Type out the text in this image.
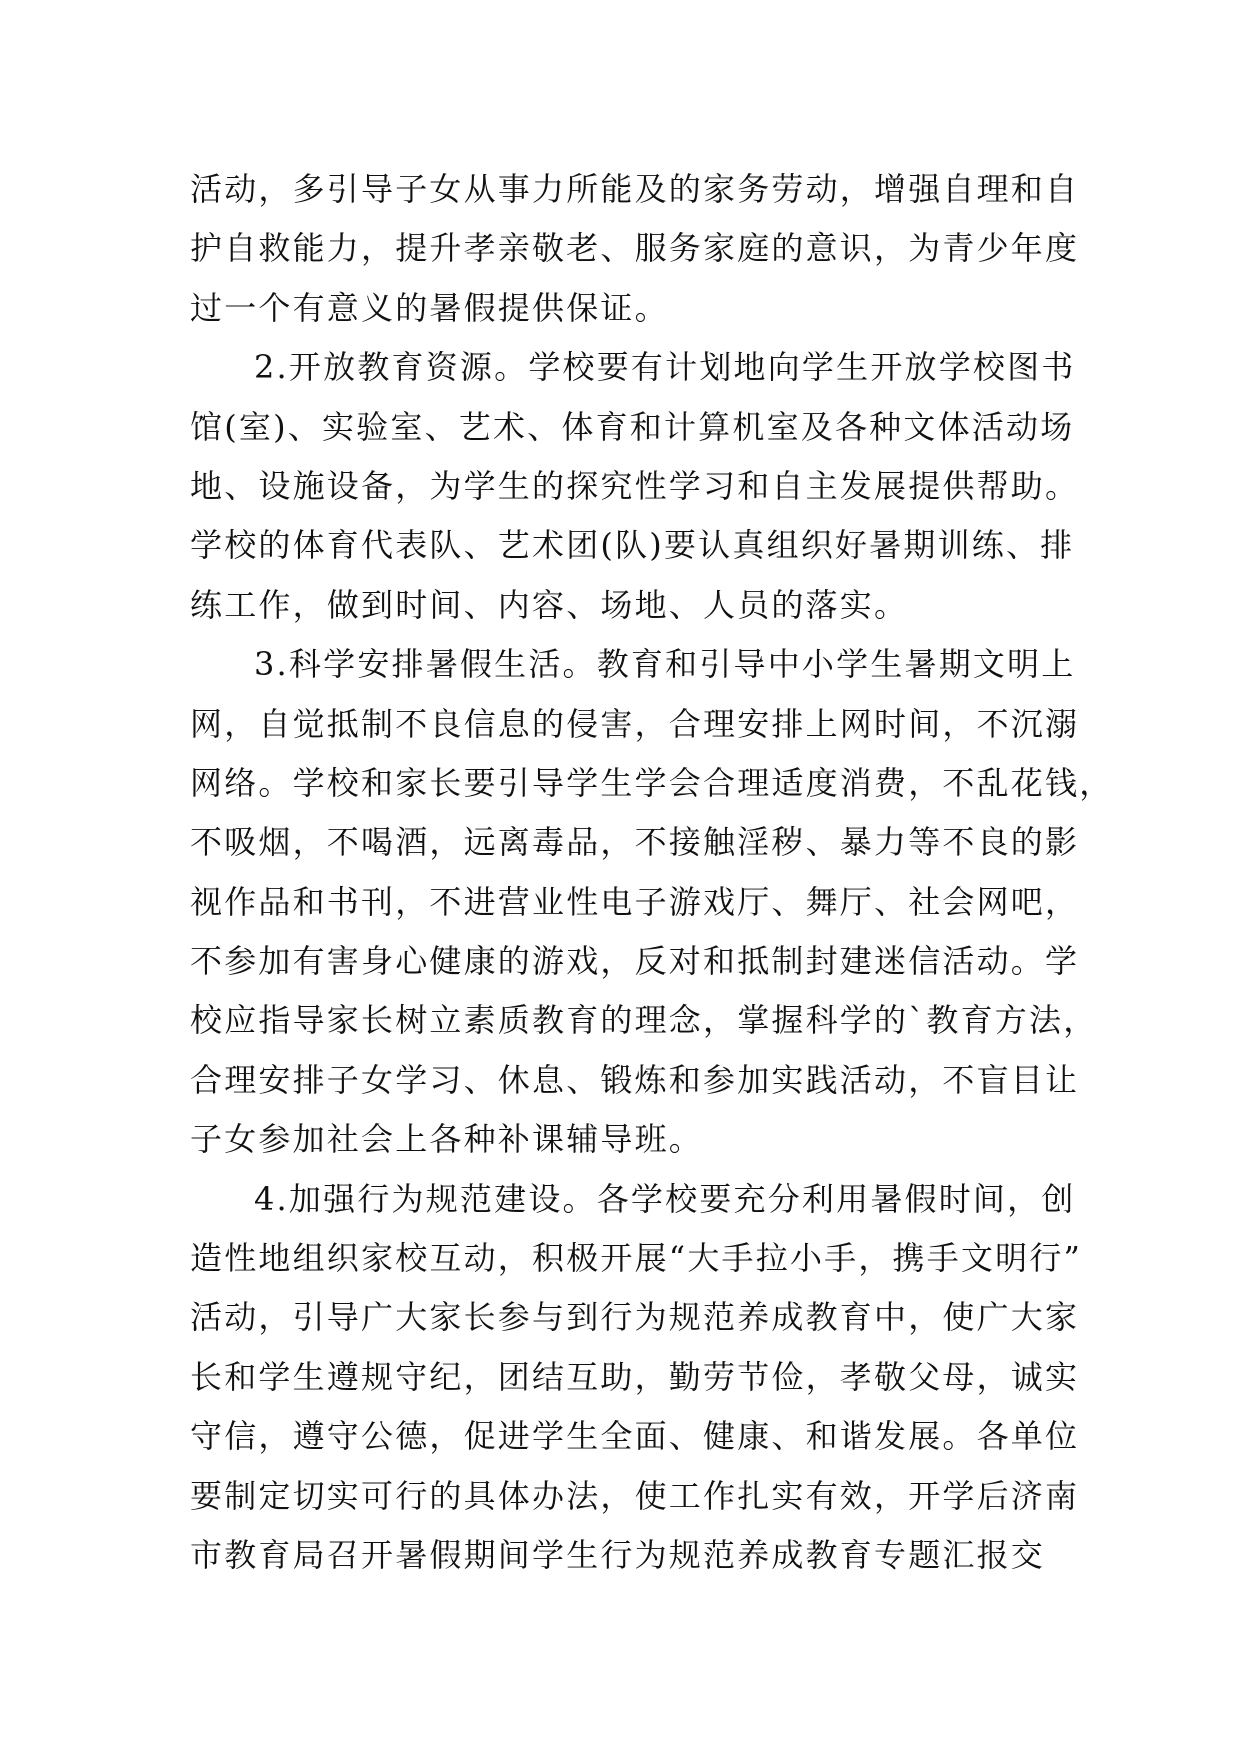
活动，多引导子女从事力所能及的家务劳动，增强自理和自
护自救能力，提升孝亲敬老、服务家庭的意识，为青少年度
过一个有意义的暑假提供保证。
2.开放教育资源。学校要有计划地向学生开放学校图书
馆(室)、实验室、艺术、体育和计算机室及各种文体活动场
地、设施设备，为学生的探究性学习和自主发展提供帮助。
学校的体育代表队、艺术团(队)要认真组织好暑期训练、排
练工作，做到时间、内容、场地、人员的落实。
3.科学安排暑假生活。教育和引导中小学生暑期文明上
网，自觉抵制不良信息的侵害，合理安排上网时间，不沉溺
网络。学校和家长要引导学生学会合理适度消费，不乱花钱，
不吸烟，不喝酒，远离毒品，不接触淫秽、暴力等不良的影
视作品和书刊，不进营业性电子游戏厅、舞厅、社会网吧，
不参加有害身心健康的游戏，反对和抵制封建迷信活动。学
校应指导家长树立素质教育的理念，掌握科学的`教育方法，
合理安排子女学习、休息、锻炼和参加实践活动，不盲目让
子女参加社会上各种补课辅导班。
4.加强行为规范建设。各学校要充分利用暑假时间，创
造性地组织家校互动，积极开展“大手拉小手，携手文明行”
活动，引导广大家长参与到行为规范养成教育中，使广大家
长和学生遵规守纪，团结互助，勤劳节俭，孝敬父母，诚实
守信，遵守公德，促进学生全面、健康、和谐发展。各单位
要制定切实可行的具体办法，使工作扎实有效，开学后济南
市教育局召开暑假期间学生行为规范养成教育专题汇报交
